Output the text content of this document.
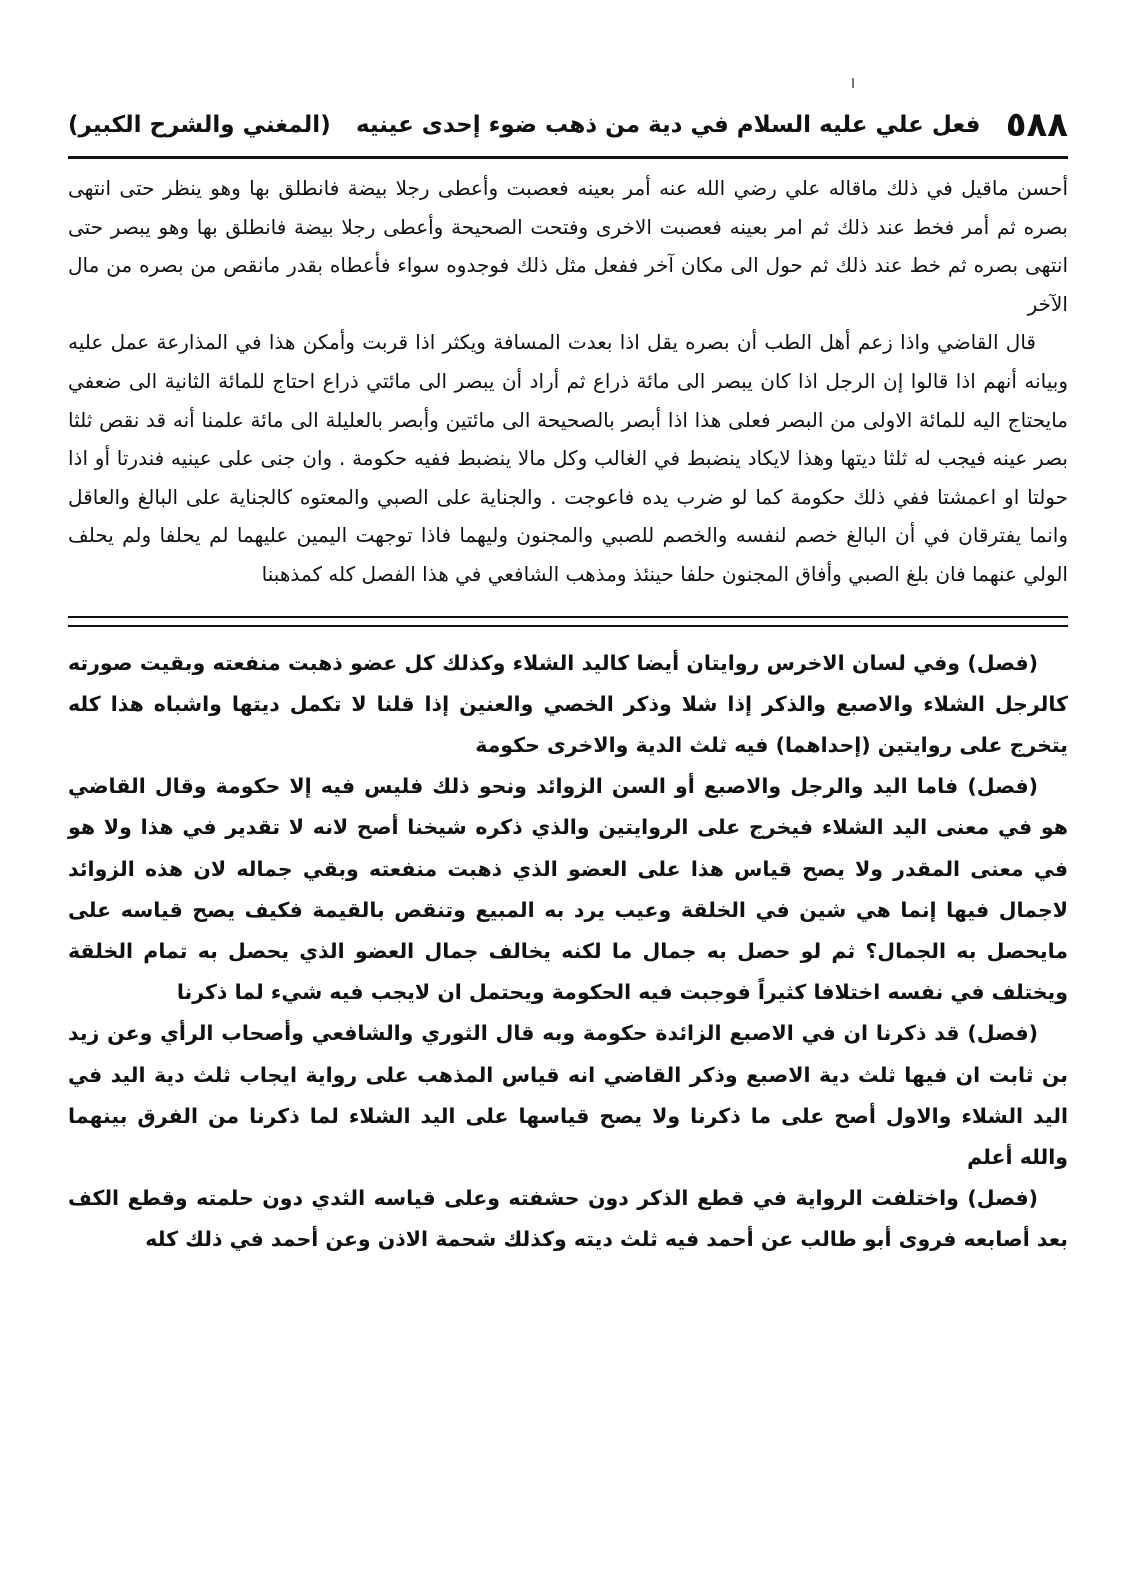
٥٨٨
فعل علي عليه السلام في دية من ذهب ضوء إحدى عينيه
(المغني والشرح الكبير)

أحسن ماقيل في ذلك ماقاله علي رضي الله عنه أمر بعينه فعصبت وأعطى رجلا بيضة فانطلق بها وهو ينظر حتى انتهى بصره ثم أمر فخط عند ذلك ثم امر بعينه فعصبت الاخرى وفتحت الصحيحة وأعطى رجلا بيضة فانطلق بها وهو يبصر حتى انتهى بصره ثم خط عند ذلك ثم حول الى مكان آخر ففعل مثل ذلك فوجدوه سواء فأعطاه بقدر مانقص من بصره من مال الآخر

قال القاضي واذا زعم أهل الطب أن بصره يقل اذا بعدت المسافة ويكثر اذا قربت وأمكن هذا في المذارعة عمل عليه وبيانه أنهم اذا قالوا إن الرجل اذا كان يبصر الى مائة ذراع ثم أراد أن يبصر الى مائتي ذراع احتاج للمائة الثانية الى ضعفي مايحتاج اليه للمائة الاولى من البصر فعلى هذا اذا أبصر بالصحيحة الى مائتين وأبصر بالعليلة الى مائة علمنا أنه قد نقص ثلثا بصر عينه فيجب له ثلثا ديتها وهذا لايكاد ينضبط في الغالب وكل مالا ينضبط ففيه حكومة . وان جنى على عينيه فندرتا أو اذا حولتا او اعمشتا ففي ذلك حكومة كما لو ضرب يده فاعوجت . والجناية على الصبي والمعتوه كالجناية على البالغ والعاقل وانما يفترقان في أن البالغ خصم لنفسه والخصم للصبي والمجنون وليهما فاذا توجهت اليمين عليهما لم يحلفا ولم يحلف الولي عنهما فان بلغ الصبي وأفاق المجنون حلفا حينئذ ومذهب الشافعي في هذا الفصل كله كمذهبنا

(فصل) وفي لسان الاخرس روايتان أيضا كاليد الشلاء وكذلك كل عضو ذهبت منفعته وبقيت صورته كالرجل الشلاء والاصبع والذكر إذا شلا وذكر الخصي والعنين إذا قلنا لا تكمل ديتها واشباه هذا كله يتخرج على روايتين (إحداهما) فيه ثلث الدية والاخرى حكومة

(فصل) فاما اليد والرجل والاصبع أو السن الزوائد ونحو ذلك فليس فيه إلا حكومة وقال القاضي هو في معنى اليد الشلاء فيخرج على الروايتين والذي ذكره شيخنا أصح لانه لا تقدير في هذا ولا هو في معنى المقدر ولا يصح قياس هذا على العضو الذي ذهبت منفعته وبقي جماله لان هذه الزوائد لاجمال فيها إنما هي شين في الخلقة وعيب يرد به المبيع وتنقص بالقيمة فكيف يصح قياسه على مايحصل به الجمال؟ ثم لو حصل به جمال ما لكنه يخالف جمال العضو الذي يحصل به تمام الخلقة ويختلف في نفسه اختلافا كثيراً فوجبت فيه الحكومة ويحتمل ان لايجب فيه شيء لما ذكرنا

(فصل) قد ذكرنا ان في الاصبع الزائدة حكومة وبه قال الثوري والشافعي وأصحاب الرأي وعن زيد بن ثابت ان فيها ثلث دية الاصبع وذكر القاضي انه قياس المذهب على رواية ايجاب ثلث دية اليد في اليد الشلاء والاول أصح على ما ذكرنا ولا يصح قياسها على اليد الشلاء لما ذكرنا من الفرق بينهما والله أعلم

(فصل) واختلفت الرواية في قطع الذكر دون حشفته وعلى قياسه الثدي دون حلمته وقطع الكف بعد أصابعه فروى أبو طالب عن أحمد فيه ثلث ديته وكذلك شحمة الاذن وعن أحمد في ذلك كله
